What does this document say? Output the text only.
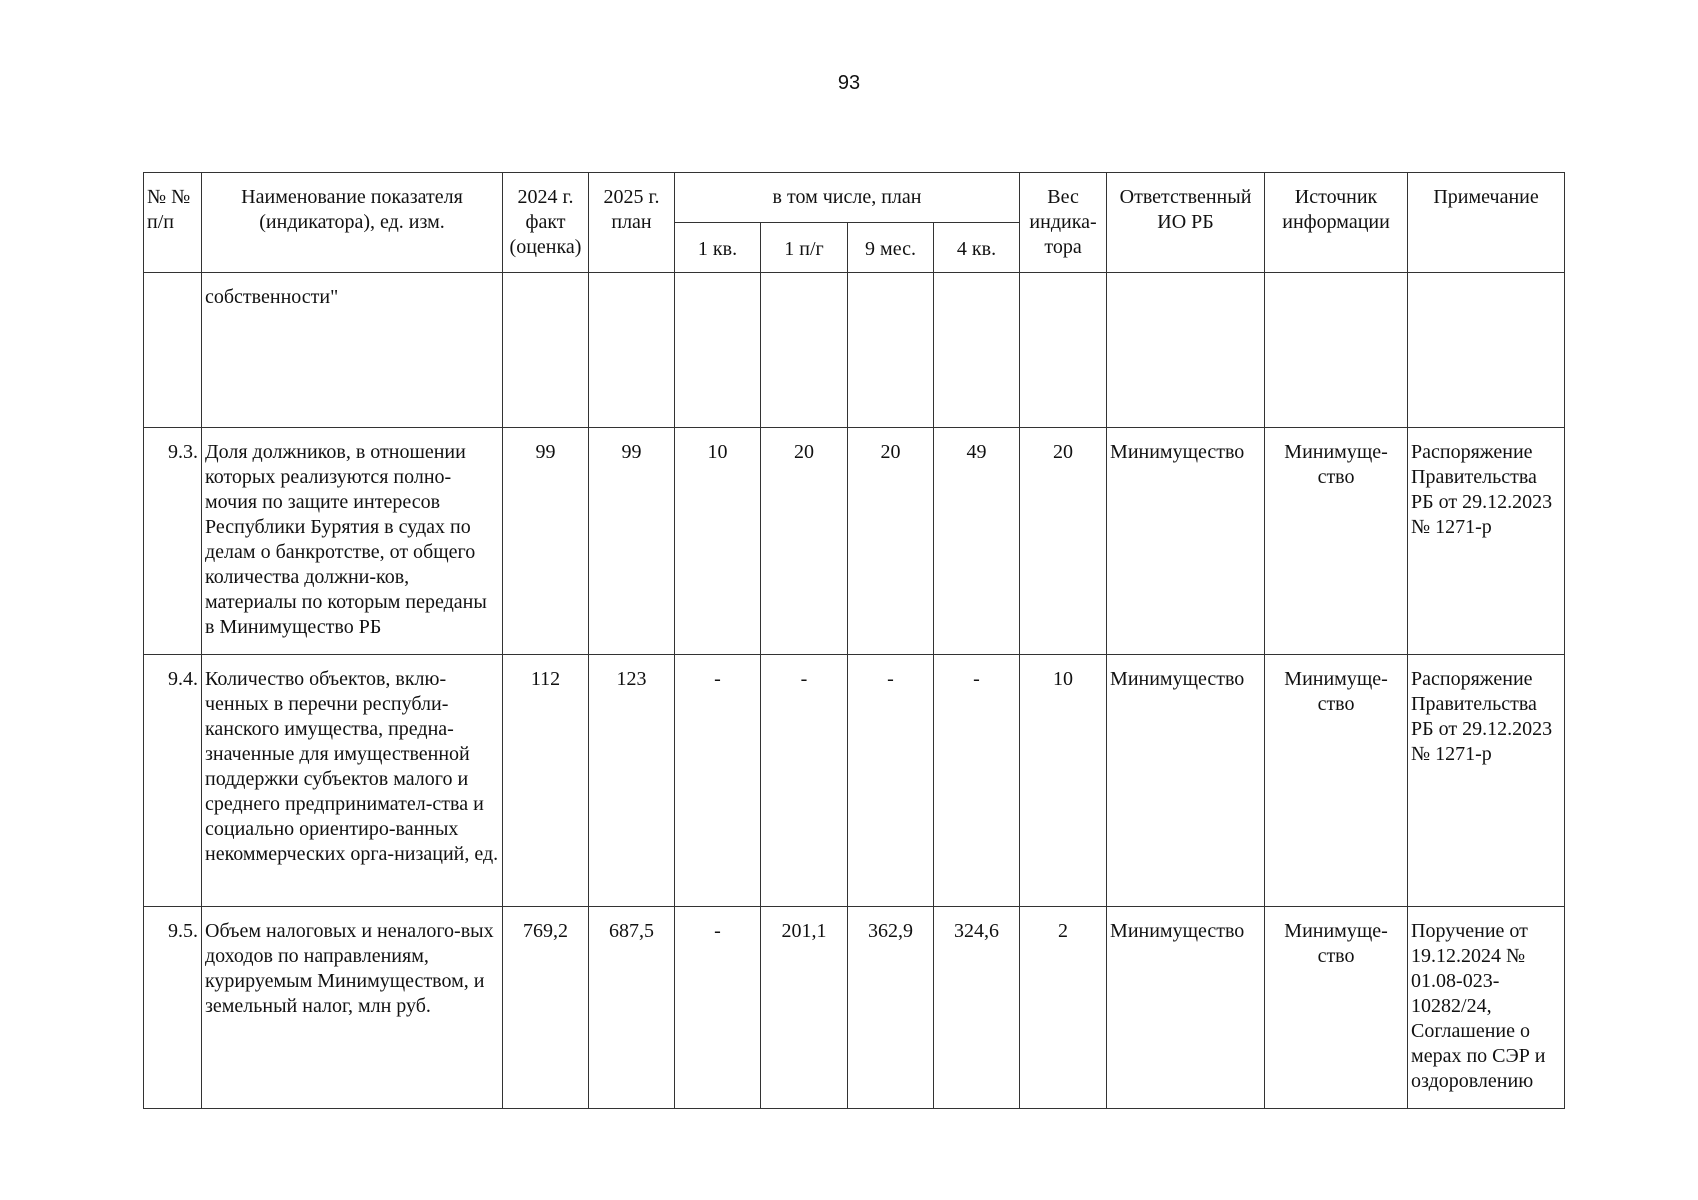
93
№ № п/п	Наименование показателя (индикатора), ед. изм.	2024 г. факт (оценка)	2025 г. план	в том числе, план				Вес индика-тора	Ответственный ИО РБ	Источник информации	Примечание
				1 кв.	1 п/г	9 мес.	4 кв.				
	собственности"										
9.3.	Доля должников, в отношении которых реализуются полно-мочия по защите интересов Республики Бурятия в судах по делам о банкротстве, от общего количества должни-ков, материалы по которым переданы в Минимущество РБ	99	99	10	20	20	49	20	Минимущество	Минимуще-ство	Распоряжение Правительства РБ от 29.12.2023 № 1271-р
9.4.	Количество объектов, вклю-ченных в перечни республи-канского имущества, предна-значенные для имущественной поддержки субъектов малого и среднего предпринимател-ства и социально ориентиро-ванных некоммерческих орга-низаций, ед.	112	123	-	-	-	-	10	Минимущество	Минимуще-ство	Распоряжение Правительства РБ от 29.12.2023 № 1271-р
9.5.	Объем налоговых и неналого-вых доходов по направлениям, курируемым Минимуществом, и земельный налог, млн руб.	769,2	687,5	-	201,1	362,9	324,6	2	Минимущество	Минимуще-ство	Поручение от 19.12.2024 № 01.08-023-10282/24, Соглашение о мерах по СЭР и оздоровлению
